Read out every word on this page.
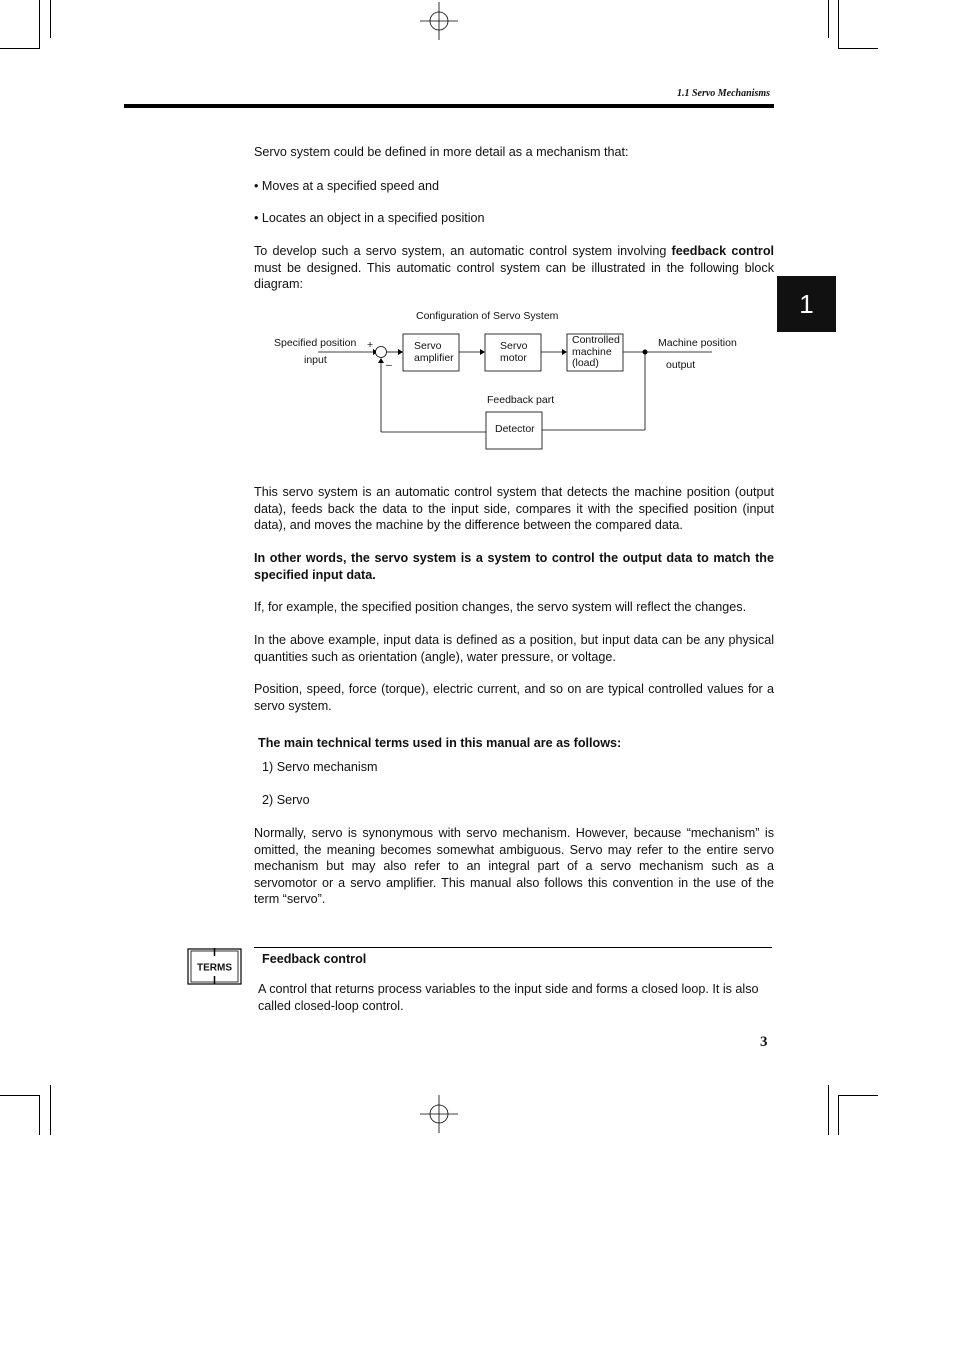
1.1 Servo Mechanisms
1

Servo system could be defined in more detail as a mechanism that:

• Moves at a specified speed and

• Locates an object in a specified position

To develop such a servo system, an automatic control system involving feedback control must be designed. This automatic control system can be illustrated in the following block diagram:

Configuration of Servo System
Specified position
input
+
–
Servo
amplifier
Servo
motor
Controlled
machine
(load)
Machine position
output
Feedback part
Detector

This servo system is an automatic control system that detects the machine position (output data), feeds back the data to the input side, compares it with the specified position (input data), and moves the machine by the difference between the compared data.

In other words, the servo system is a system to control the output data to match the specified input data.

If, for example, the specified position changes, the servo system will reflect the changes.

In the above example, input data is defined as a position, but input data can be any physical quantities such as orientation (angle), water pressure, or voltage.

Position, speed, force (torque), electric current, and so on are typical controlled values for a servo system.

The main technical terms used in this manual are as follows:

1) Servo mechanism

2) Servo

Normally, servo is synonymous with servo mechanism. However, because “mechanism” is omitted, the meaning becomes somewhat ambiguous. Servo may refer to the entire servo mechanism but may also refer to an integral part of a servo mechanism such as a servomotor or a servo amplifier. This manual also follows this convention in the use of the term “servo”.

TERMS

Feedback control

A control that returns process variables to the input side and forms a closed loop. It is also called closed-loop control.

3
